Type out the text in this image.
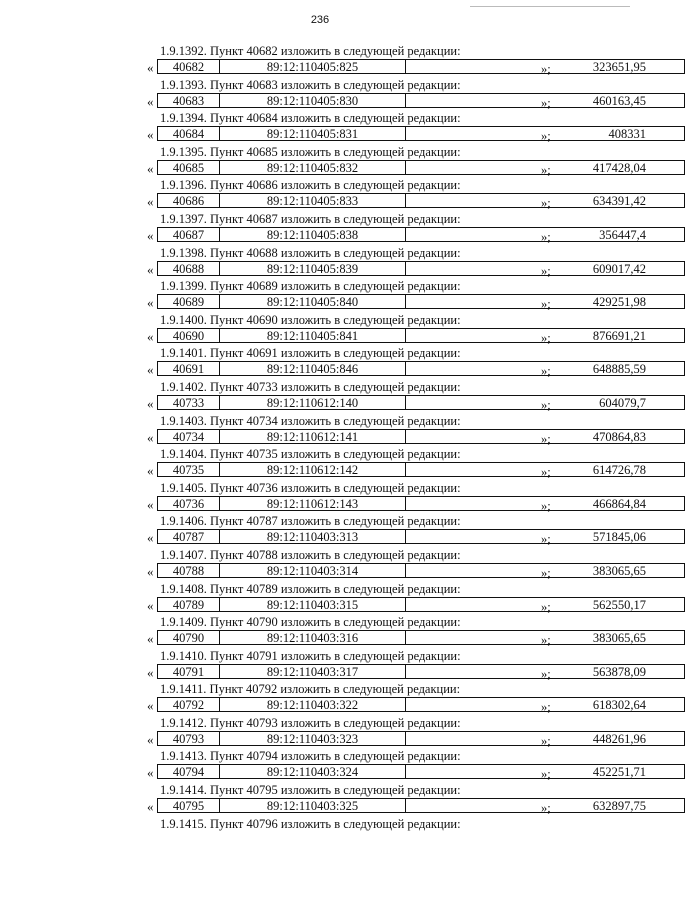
236
1.9.1392. Пункт 40682 изложить в следующей редакции:
«	40682	89:12:110405:825	323651,95
»;
1.9.1393. Пункт 40683 изложить в следующей редакции:
«	40683	89:12:110405:830	460163,45
»;
1.9.1394. Пункт 40684 изложить в следующей редакции:
«	40684	89:12:110405:831	408331
»;
1.9.1395. Пункт 40685 изложить в следующей редакции:
«	40685	89:12:110405:832	417428,04
»;
1.9.1396. Пункт 40686 изложить в следующей редакции:
«	40686	89:12:110405:833	634391,42
»;
1.9.1397. Пункт 40687 изложить в следующей редакции:
«	40687	89:12:110405:838	356447,4
»;
1.9.1398. Пункт 40688 изложить в следующей редакции:
«	40688	89:12:110405:839	609017,42
»;
1.9.1399. Пункт 40689 изложить в следующей редакции:
«	40689	89:12:110405:840	429251,98
»;
1.9.1400. Пункт 40690 изложить в следующей редакции:
«	40690	89:12:110405:841	876691,21
»;
1.9.1401. Пункт 40691 изложить в следующей редакции:
«	40691	89:12:110405:846	648885,59
»;
1.9.1402. Пункт 40733 изложить в следующей редакции:
«	40733	89:12:110612:140	604079,7
»;
1.9.1403. Пункт 40734 изложить в следующей редакции:
«	40734	89:12:110612:141	470864,83
»;
1.9.1404. Пункт 40735 изложить в следующей редакции:
«	40735	89:12:110612:142	614726,78
»;
1.9.1405. Пункт 40736 изложить в следующей редакции:
«	40736	89:12:110612:143	466864,84
»;
1.9.1406. Пункт 40787 изложить в следующей редакции:
«	40787	89:12:110403:313	571845,06
»;
1.9.1407. Пункт 40788 изложить в следующей редакции:
«	40788	89:12:110403:314	383065,65
»;
1.9.1408. Пункт 40789 изложить в следующей редакции:
«	40789	89:12:110403:315	562550,17
»;
1.9.1409. Пункт 40790 изложить в следующей редакции:
«	40790	89:12:110403:316	383065,65
»;
1.9.1410. Пункт 40791 изложить в следующей редакции:
«	40791	89:12:110403:317	563878,09
»;
1.9.1411. Пункт 40792 изложить в следующей редакции:
«	40792	89:12:110403:322	618302,64
»;
1.9.1412. Пункт 40793 изложить в следующей редакции:
«	40793	89:12:110403:323	448261,96
»;
1.9.1413. Пункт 40794 изложить в следующей редакции:
«	40794	89:12:110403:324	452251,71
»;
1.9.1414. Пункт 40795 изложить в следующей редакции:
«	40795	89:12:110403:325	632897,75
»;
1.9.1415. Пункт 40796 изложить в следующей редакции:
